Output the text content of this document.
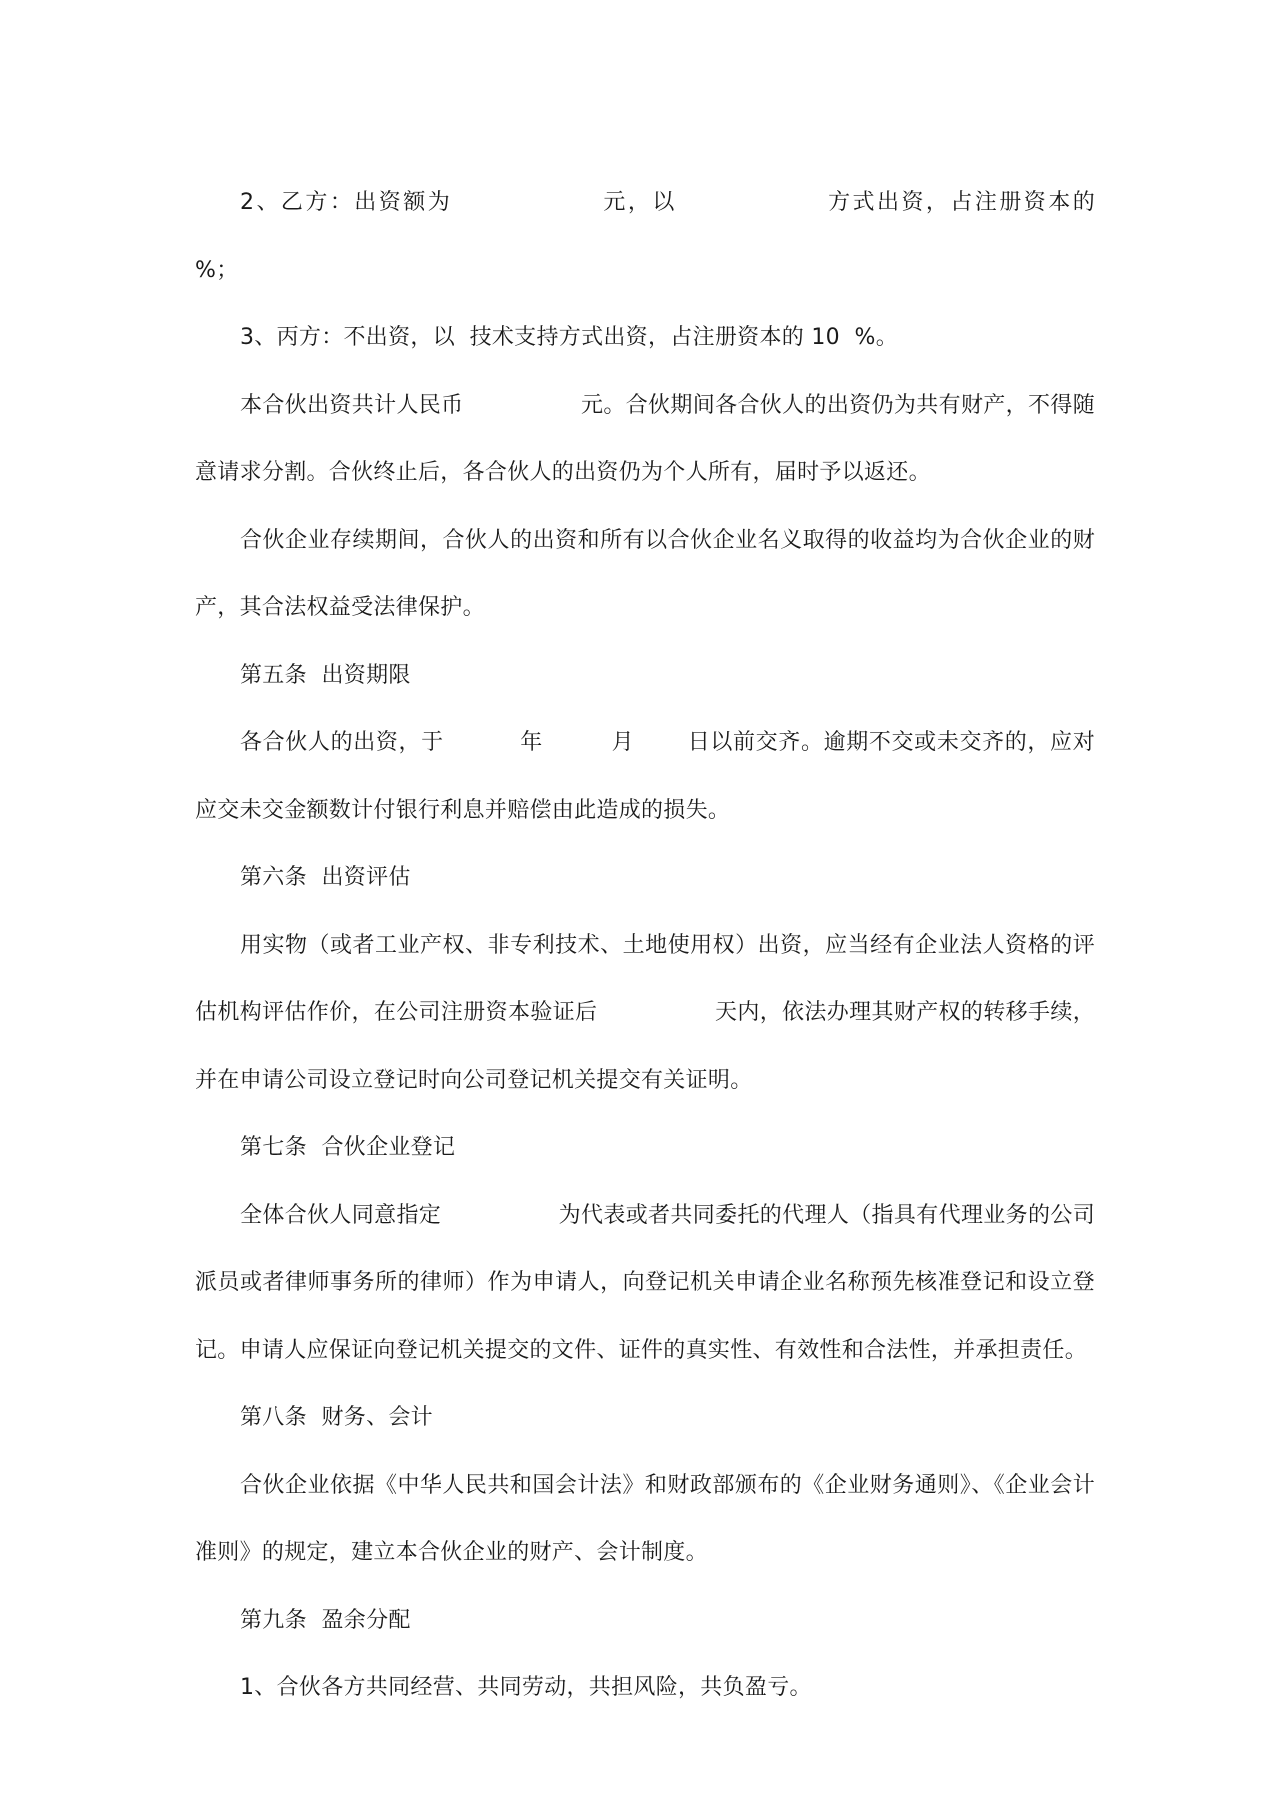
2、乙方：出资额为                元，以                方式出资，占注册资本的                %；

3、丙方：不出资，以  技术支持方式出资，占注册资本的 10  %。

本合伙出资共计人民币                元。合伙期间各合伙人的出资仍为共有财产，不得随意请求分割。合伙终止后，各合伙人的出资仍为个人所有，届时予以返还。

合伙企业存续期间，合伙人的出资和所有以合伙企业名义取得的收益均为合伙企业的财产，其合法权益受法律保护。

第五条  出资期限

各合伙人的出资，于          年         月       日以前交齐。逾期不交或未交齐的，应对应交未交金额数计付银行利息并赔偿由此造成的损失。

第六条  出资评估

用实物（或者工业产权、非专利技术、土地使用权）出资，应当经有企业法人资格的评估机构评估作价，在公司注册资本验证后                天内，依法办理其财产权的转移手续，并在申请公司设立登记时向公司登记机关提交有关证明。

第七条  合伙企业登记

全体合伙人同意指定                为代表或者共同委托的代理人（指具有代理业务的公司派员或者律师事务所的律师）作为申请人，向登记机关申请企业名称预先核准登记和设立登记。申请人应保证向登记机关提交的文件、证件的真实性、有效性和合法性，并承担责任。

第八条  财务、会计

合伙企业依据《中华人民共和国会计法》和财政部颁布的《企业财务通则》、《企业会计准则》的规定，建立本合伙企业的财产、会计制度。

第九条  盈余分配

1、合伙各方共同经营、共同劳动，共担风险，共负盈亏。
